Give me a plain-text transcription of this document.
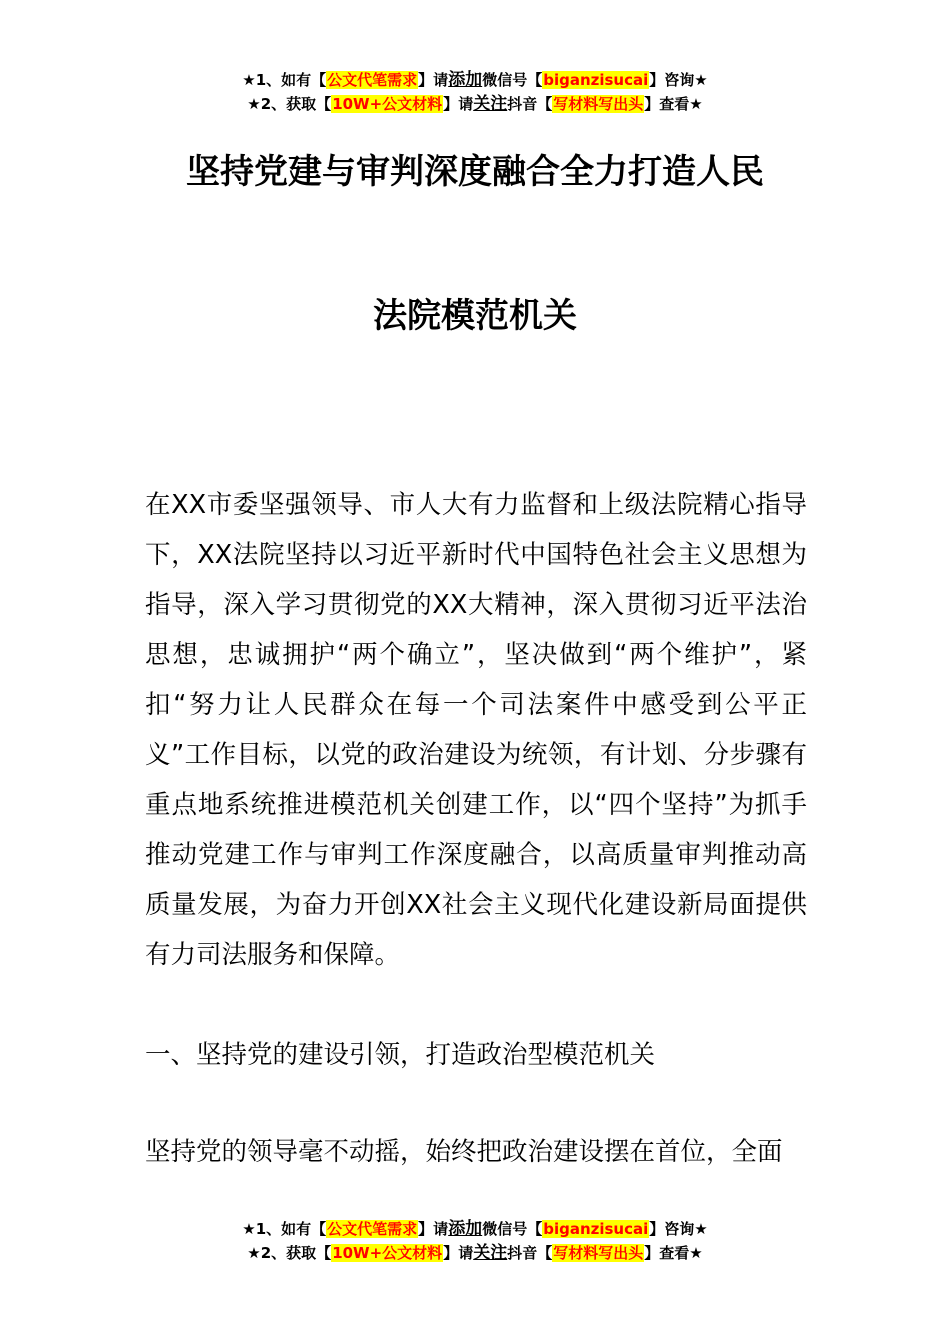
★1、如有【公文代笔需求】请添加微信号【biganzisucai】咨询★
★2、获取【10W+公文材料】请关注抖音【写材料写出头】查看★
坚持党建与审判深度融合全力打造人民
法院模范机关
在XX市委坚强领导、市人大有力监督和上级法院精心指导下，XX法院坚持以习近平新时代中国特色社会主义思想为指导，深入学习贯彻党的XX大精神，深入贯彻习近平法治思想，忠诚拥护“两个确立”，坚决做到“两个维护”，紧扣“努力让人民群众在每一个司法案件中感受到公平正义”工作目标，以党的政治建设为统领，有计划、分步骤有重点地系统推进模范机关创建工作，以“四个坚持”为抓手推动党建工作与审判工作深度融合，以高质量审判推动高质量发展，为奋力开创XX社会主义现代化建设新局面提供有力司法服务和保障。
一、坚持党的建设引领，打造政治型模范机关
坚持党的领导毫不动摇，始终把政治建设摆在首位，全面
★1、如有【公文代笔需求】请添加微信号【biganzisucai】咨询★
★2、获取【10W+公文材料】请关注抖音【写材料写出头】查看★
